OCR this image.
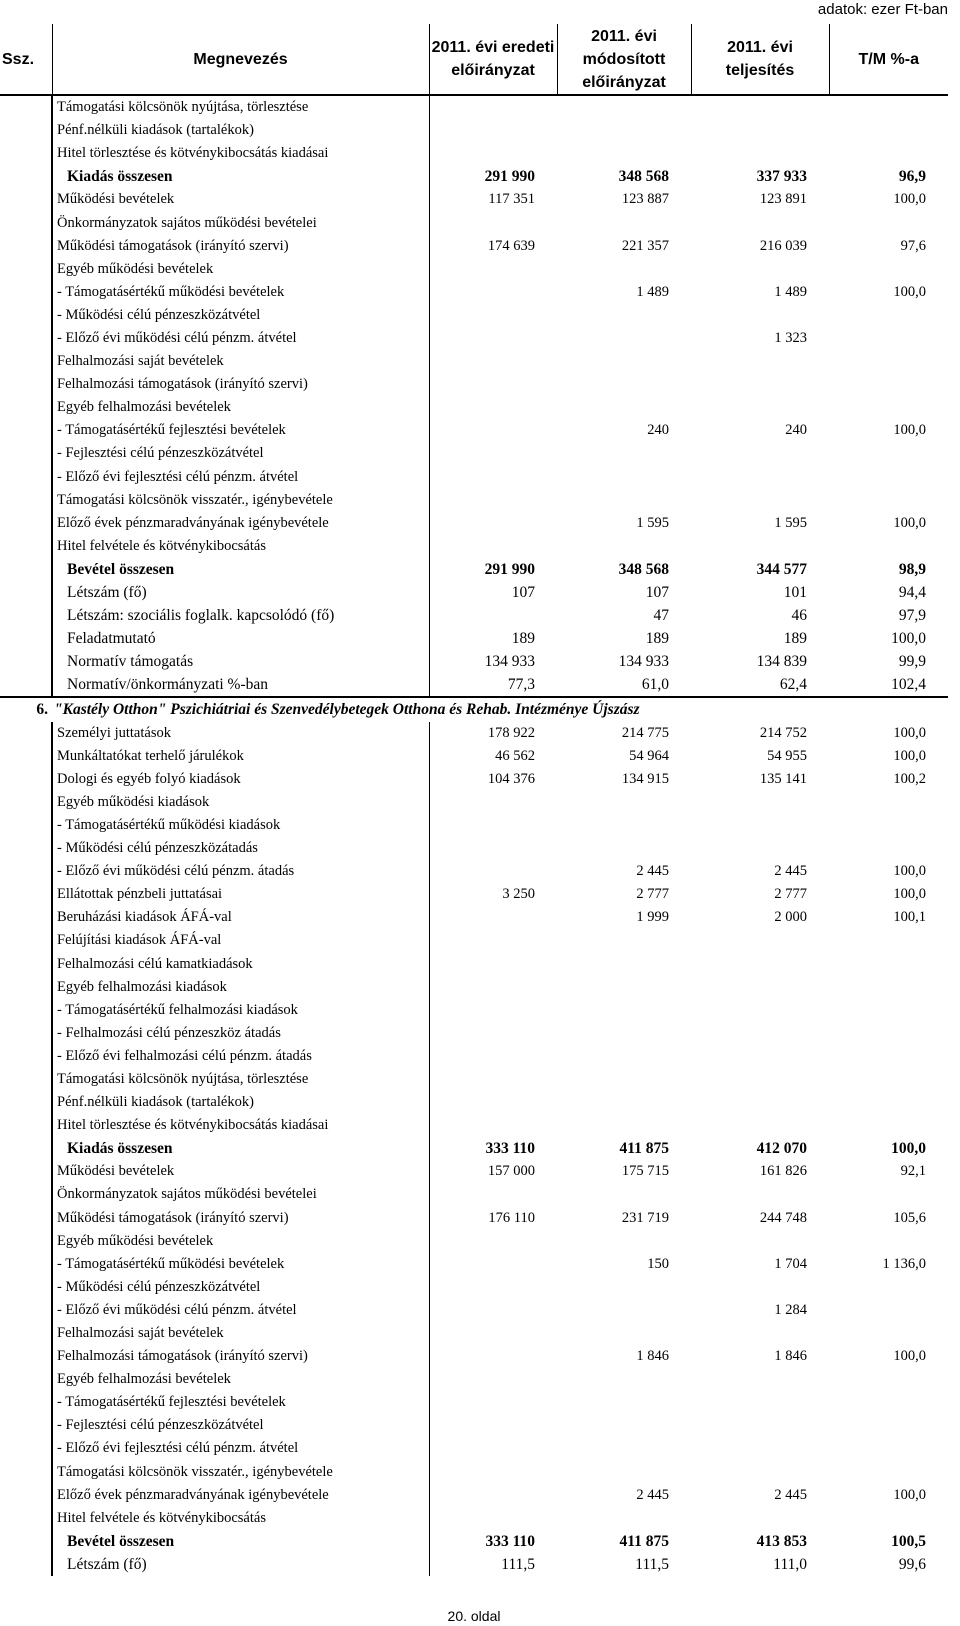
adatok: ezer Ft-ban
Ssz.	Megnevezés	2011. évi eredeti előirányzat	2011. évi módosított előirányzat	2011. évi teljesítés	T/M %-a
	Támogatási kölcsönök nyújtása, törlesztése				
	Pénf.nélküli kiadások (tartalékok)				
	Hitel törlesztése és kötvénykibocsátás kiadásai				
	Kiadás összesen	291 990	348 568	337 933	96,9
	Működési bevételek	117 351	123 887	123 891	100,0
	Önkormányzatok sajátos működési bevételei				
	Működési támogatások (irányító szervi)	174 639	221 357	216 039	97,6
	Egyéb működési bevételek				
	- Támogatásértékű működési bevételek		1 489	1 489	100,0
	- Működési célú pénzeszközátvétel				
	- Előző évi működési célú pénzm. átvétel			1 323	
	Felhalmozási saját bevételek				
	Felhalmozási támogatások (irányító szervi)				
	Egyéb felhalmozási bevételek				
	- Támogatásértékű fejlesztési bevételek		240	240	100,0
	- Fejlesztési célú pénzeszközátvétel				
	- Előző évi fejlesztési célú pénzm. átvétel				
	Támogatási kölcsönök visszatér., igénybevétele				
	Előző évek pénzmaradványának igénybevétele		1 595	1 595	100,0
	Hitel felvétele és kötvénykibocsátás				
	Bevétel összesen	291 990	348 568	344 577	98,9
	Létszám (fő)	107	107	101	94,4
	Létszám: szociális foglalk. kapcsolódó (fő)		47	46	97,9
	Feladatmutató	189	189	189	100,0
	Normatív támogatás	134 933	134 933	134 839	99,9
	Normatív/önkormányzati %-ban	77,3	61,0	62,4	102,4
6.	"Kastély Otthon" Pszichiátriai és Szenvedélybetegek Otthona és Rehab. Intézménye Újszász				
	Személyi juttatások	178 922	214 775	214 752	100,0
	Munkáltatókat terhelő járulékok	46 562	54 964	54 955	100,0
	Dologi és egyéb folyó kiadások	104 376	134 915	135 141	100,2
	Egyéb működési kiadások				
	- Támogatásértékű működési kiadások				
	- Működési célú pénzeszközátadás				
	- Előző évi működési célú pénzm. átadás		2 445	2 445	100,0
	Ellátottak pénzbeli juttatásai	3 250	2 777	2 777	100,0
	Beruházási kiadások ÁFÁ-val		1 999	2 000	100,1
	Felújítási kiadások ÁFÁ-val				
	Felhalmozási célú kamatkiadások				
	Egyéb felhalmozási kiadások				
	- Támogatásértékű felhalmozási kiadások				
	- Felhalmozási célú pénzeszköz átadás				
	- Előző évi felhalmozási célú pénzm. átadás				
	Támogatási kölcsönök nyújtása, törlesztése				
	Pénf.nélküli kiadások (tartalékok)				
	Hitel törlesztése és kötvénykibocsátás kiadásai				
	Kiadás összesen	333 110	411 875	412 070	100,0
	Működési bevételek	157 000	175 715	161 826	92,1
	Önkormányzatok sajátos működési bevételei				
	Működési támogatások (irányító szervi)	176 110	231 719	244 748	105,6
	Egyéb működési bevételek				
	- Támogatásértékű működési bevételek		150	1 704	1 136,0
	- Működési célú pénzeszközátvétel				
	- Előző évi működési célú pénzm. átvétel			1 284	
	Felhalmozási saját bevételek				
	Felhalmozási támogatások (irányító szervi)		1 846	1 846	100,0
	Egyéb felhalmozási bevételek				
	- Támogatásértékű fejlesztési bevételek				
	- Fejlesztési célú pénzeszközátvétel				
	- Előző évi fejlesztési célú pénzm. átvétel				
	Támogatási kölcsönök visszatér., igénybevétele				
	Előző évek pénzmaradványának igénybevétele		2 445	2 445	100,0
	Hitel felvétele és kötvénykibocsátás				
	Bevétel összesen	333 110	411 875	413 853	100,5
	Létszám (fő)	111,5	111,5	111,0	99,6
20. oldal
